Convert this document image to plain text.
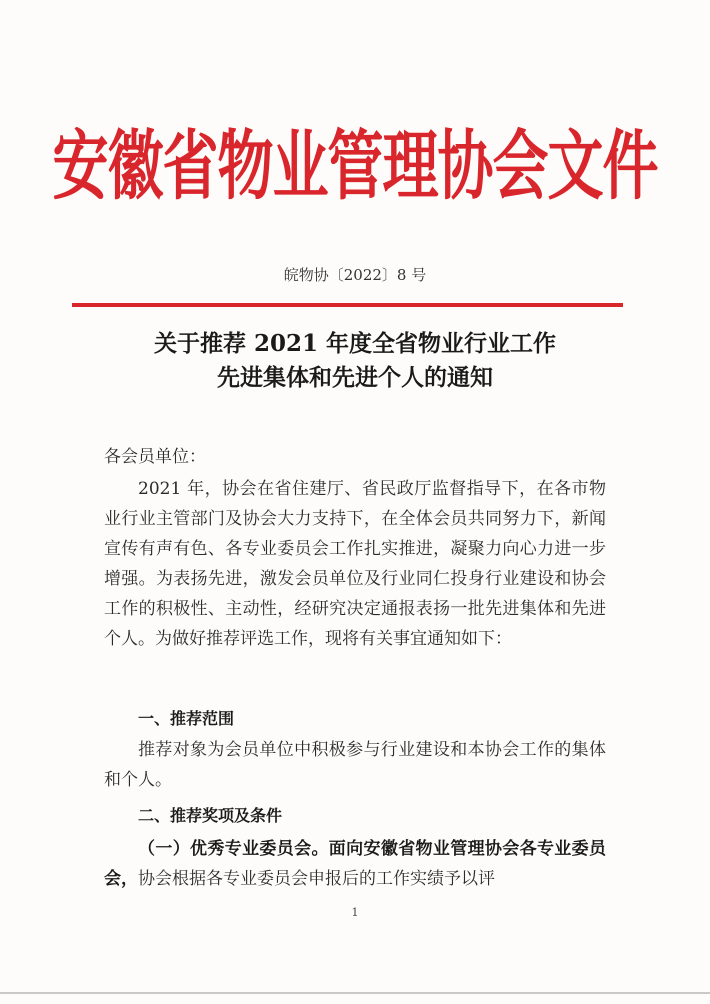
安徽省物业管理协会文件
皖物协〔2022〕8 号
关于推荐 2021 年度全省物业行业工作
先进集体和先进个人的通知
各会员单位：
2021 年，协会在省住建厅、省民政厅监督指导下，在各市物业行业主管部门及协会大力支持下，在全体会员共同努力下，新闻宣传有声有色、各专业委员会工作扎实推进，凝聚力向心力进一步增强。为表扬先进，激发会员单位及行业同仁投身行业建设和协会工作的积极性、主动性，经研究决定通报表扬一批先进集体和先进个人。为做好推荐评选工作，现将有关事宜通知如下：
一、推荐范围
推荐对象为会员单位中积极参与行业建设和本协会工作的集体和个人。
二、推荐奖项及条件
（一）优秀专业委员会。面向安徽省物业管理协会各专业委员会，协会根据各专业委员会申报后的工作实绩予以评
1
